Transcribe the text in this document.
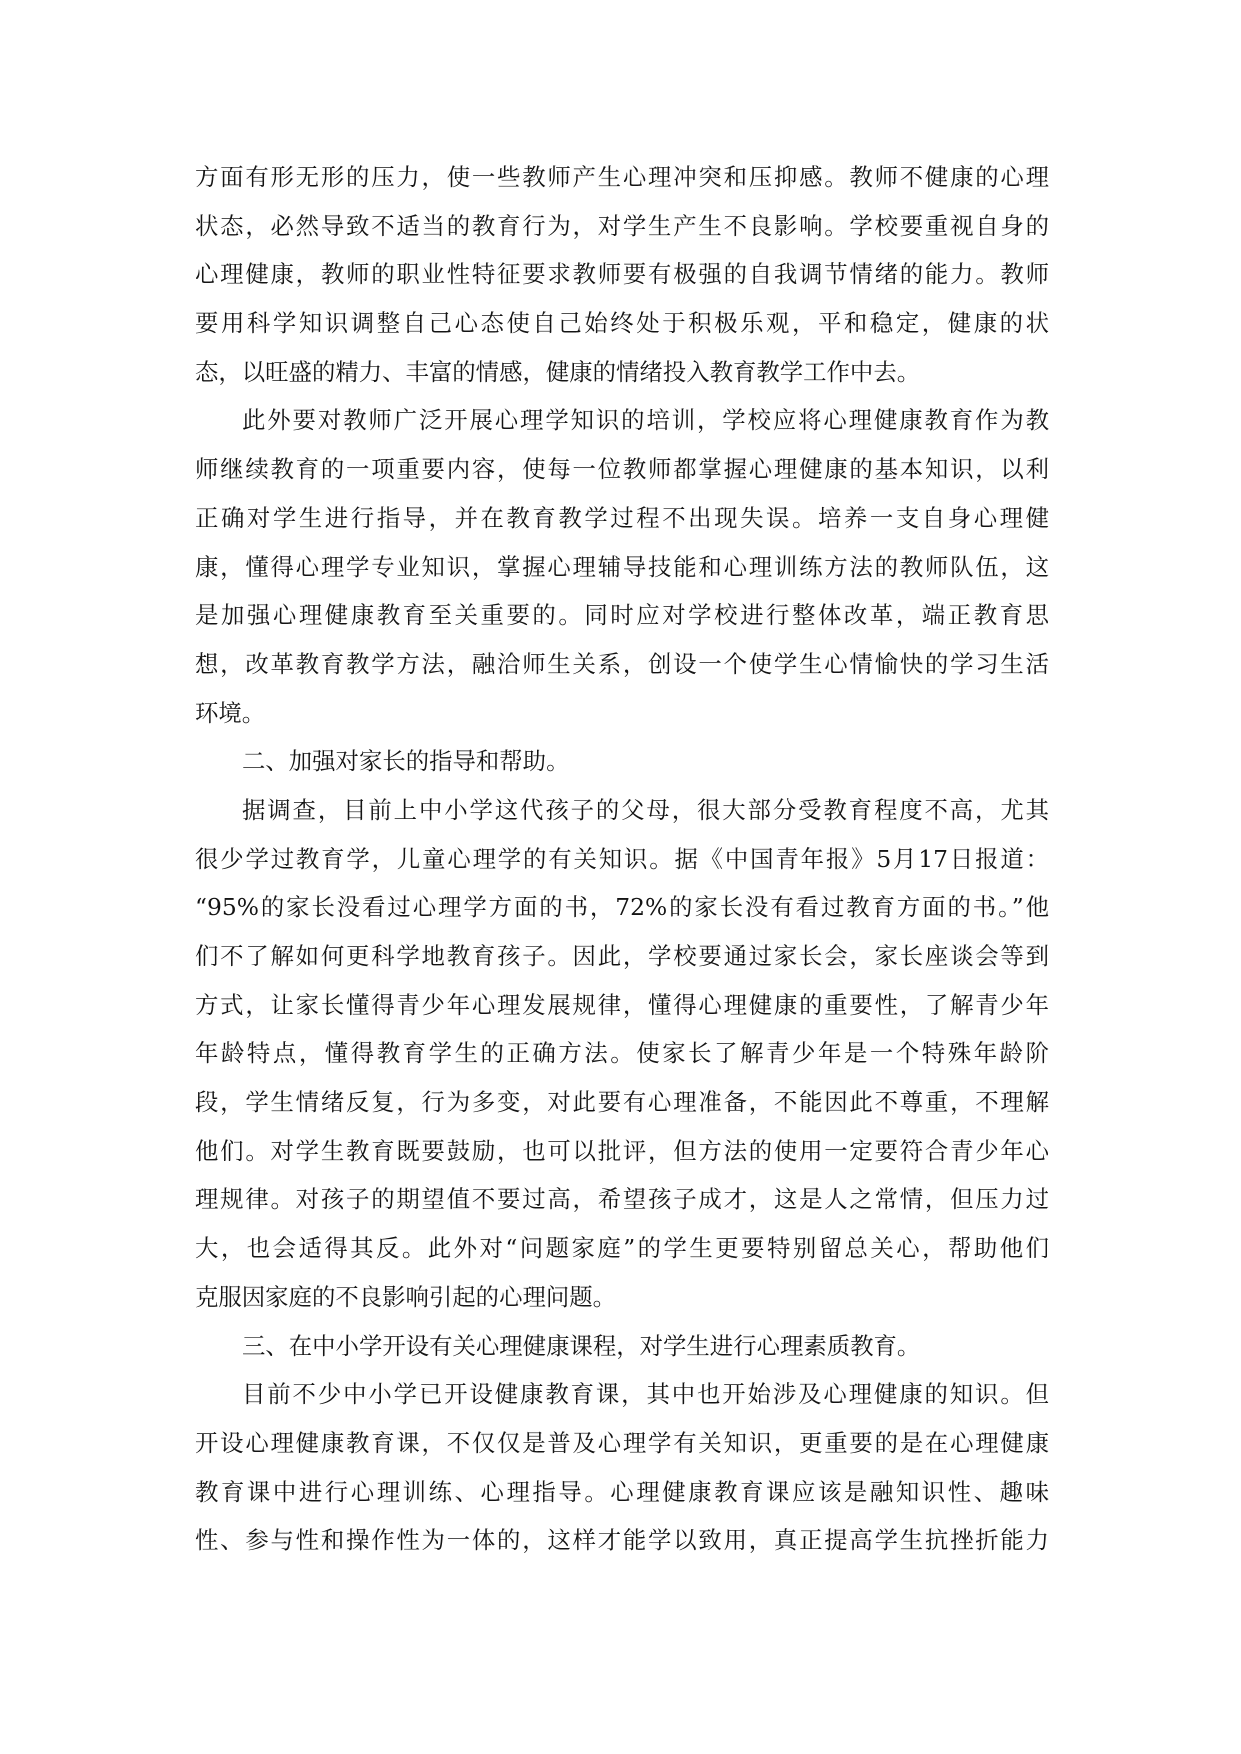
方面有形无形的压力，使一些教师产生心理冲突和压抑感。教师不健康的心理
状态，必然导致不适当的教育行为，对学生产生不良影响。学校要重视自身的
心理健康，教师的职业性特征要求教师要有极强的自我调节情绪的能力。教师
要用科学知识调整自己心态使自己始终处于积极乐观，平和稳定，健康的状
态，以旺盛的精力、丰富的情感，健康的情绪投入教育教学工作中去。
此外要对教师广泛开展心理学知识的培训，学校应将心理健康教育作为教
师继续教育的一项重要内容，使每一位教师都掌握心理健康的基本知识，以利
正确对学生进行指导，并在教育教学过程不出现失误。培养一支自身心理健
康，懂得心理学专业知识，掌握心理辅导技能和心理训练方法的教师队伍，这
是加强心理健康教育至关重要的。同时应对学校进行整体改革，端正教育思
想，改革教育教学方法，融洽师生关系，创设一个使学生心情愉快的学习生活
环境。
二、加强对家长的指导和帮助。
据调查，目前上中小学这代孩子的父母，很大部分受教育程度不高，尤其
很少学过教育学，儿童心理学的有关知识。据《中国青年报》5月17日报道：
“95%的家长没看过心理学方面的书，72%的家长没有看过教育方面的书。”他
们不了解如何更科学地教育孩子。因此，学校要通过家长会，家长座谈会等到
方式，让家长懂得青少年心理发展规律，懂得心理健康的重要性，了解青少年
年龄特点，懂得教育学生的正确方法。使家长了解青少年是一个特殊年龄阶
段，学生情绪反复，行为多变，对此要有心理准备，不能因此不尊重，不理解
他们。对学生教育既要鼓励，也可以批评，但方法的使用一定要符合青少年心
理规律。对孩子的期望值不要过高，希望孩子成才，这是人之常情，但压力过
大，也会适得其反。此外对“问题家庭”的学生更要特别留总关心，帮助他们
克服因家庭的不良影响引起的心理问题。
三、在中小学开设有关心理健康课程，对学生进行心理素质教育。
目前不少中小学已开设健康教育课，其中也开始涉及心理健康的知识。但
开设心理健康教育课，不仅仅是普及心理学有关知识，更重要的是在心理健康
教育课中进行心理训练、心理指导。心理健康教育课应该是融知识性、趣味
性、参与性和操作性为一体的，这样才能学以致用，真正提高学生抗挫折能力
